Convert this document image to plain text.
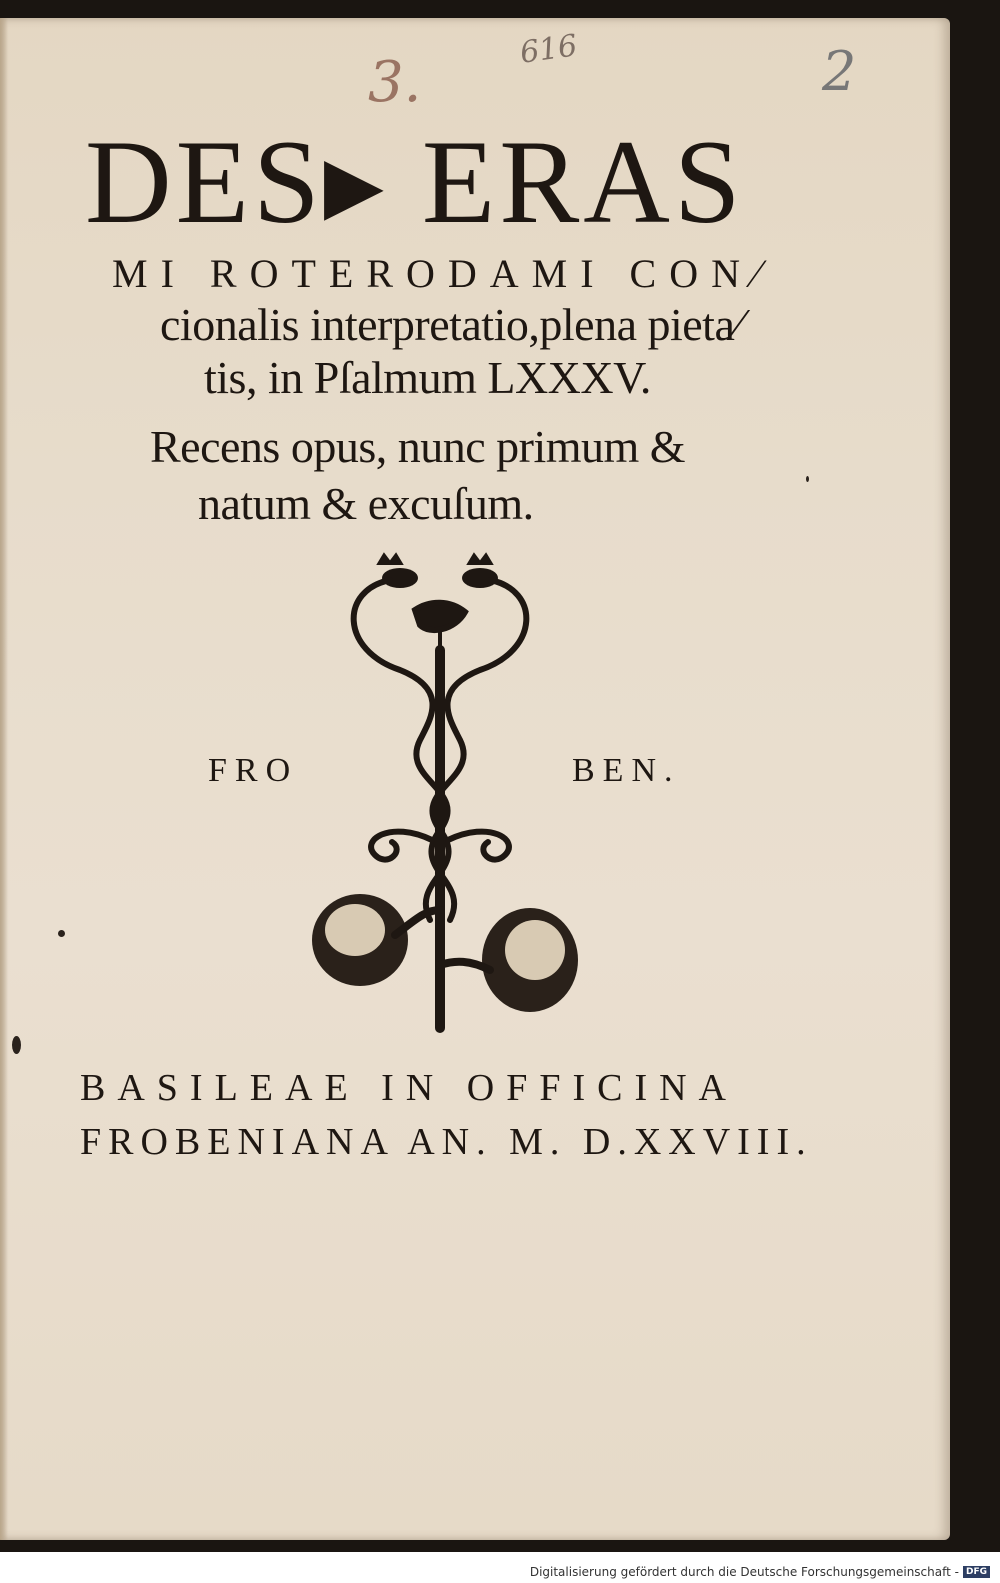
3.
616	2
DES▸ ERAS
MI ROTERODAMI CON⁄
cionalis interpretatio,plena pieta⁄
tis, in Pſalmum LXXXV.
Recens opus, nunc primum &
natum & excuſum.
FRO	BEN.
BASILEAE IN OFFICINA
FROBENIANA AN. M. D.XXVIII.
Digitalisierung gefördert durch die Deutsche Forschungsgemeinschaft - DFG
